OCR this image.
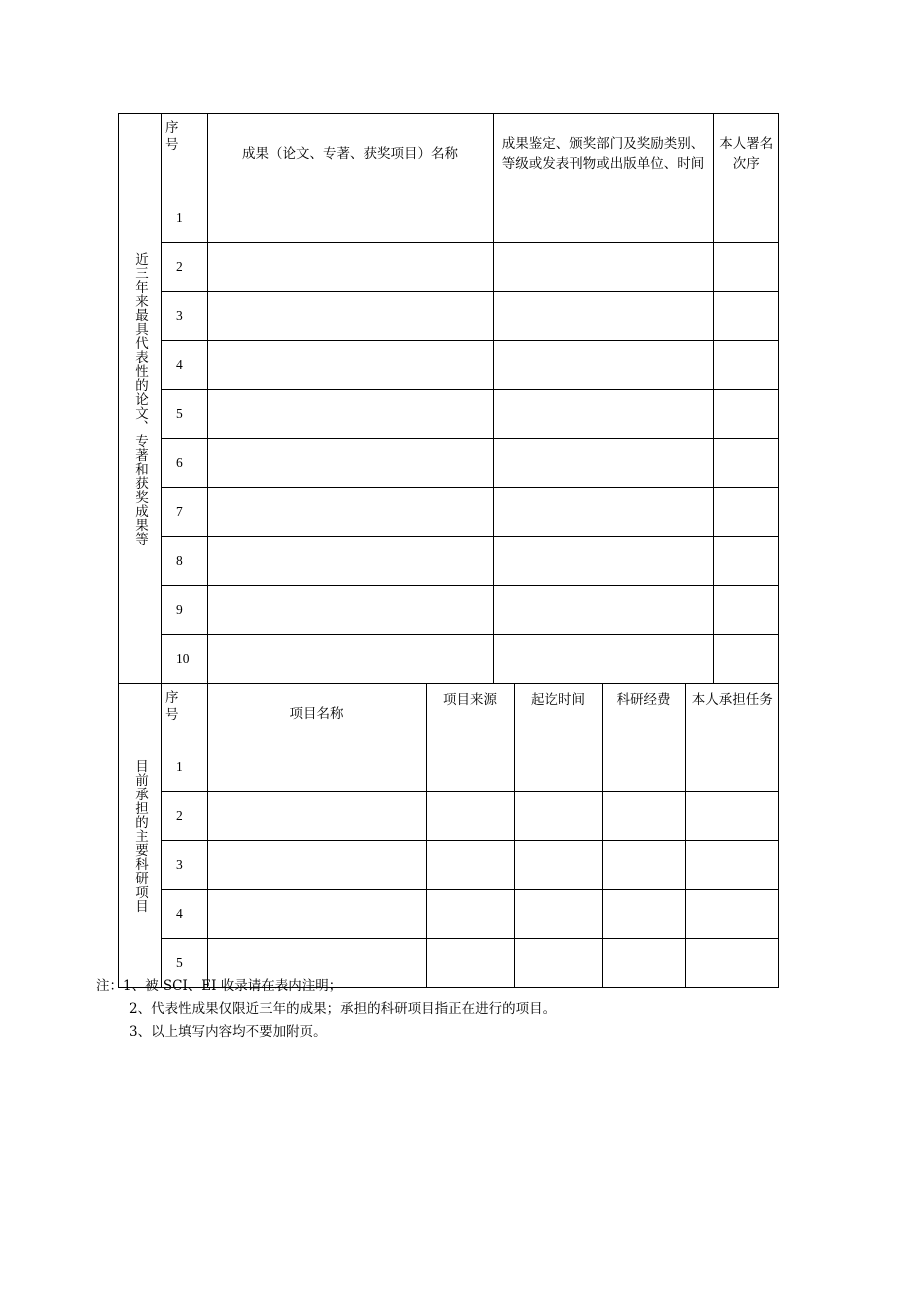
近三年来最具代表性的论文、专著和获奖成果等
序号	成果（论文、专著、获奖项目）名称	成果鉴定、颁奖部门及奖励类别、等级或发表刊物或出版单位、时间	本人署名次序
1			
2			
3			
4			
5			
6			
7			
8			
9			
10			
目前承担的主要科研项目
序号	项目名称	项目来源	起讫时间	科研经费	本人承担任务
1					
2					
3					
4					
5					
注：1、被 SCI、EI 收录请在表内注明；
2、代表性成果仅限近三年的成果；承担的科研项目指正在进行的项目。
3、以上填写内容均不要加附页。
